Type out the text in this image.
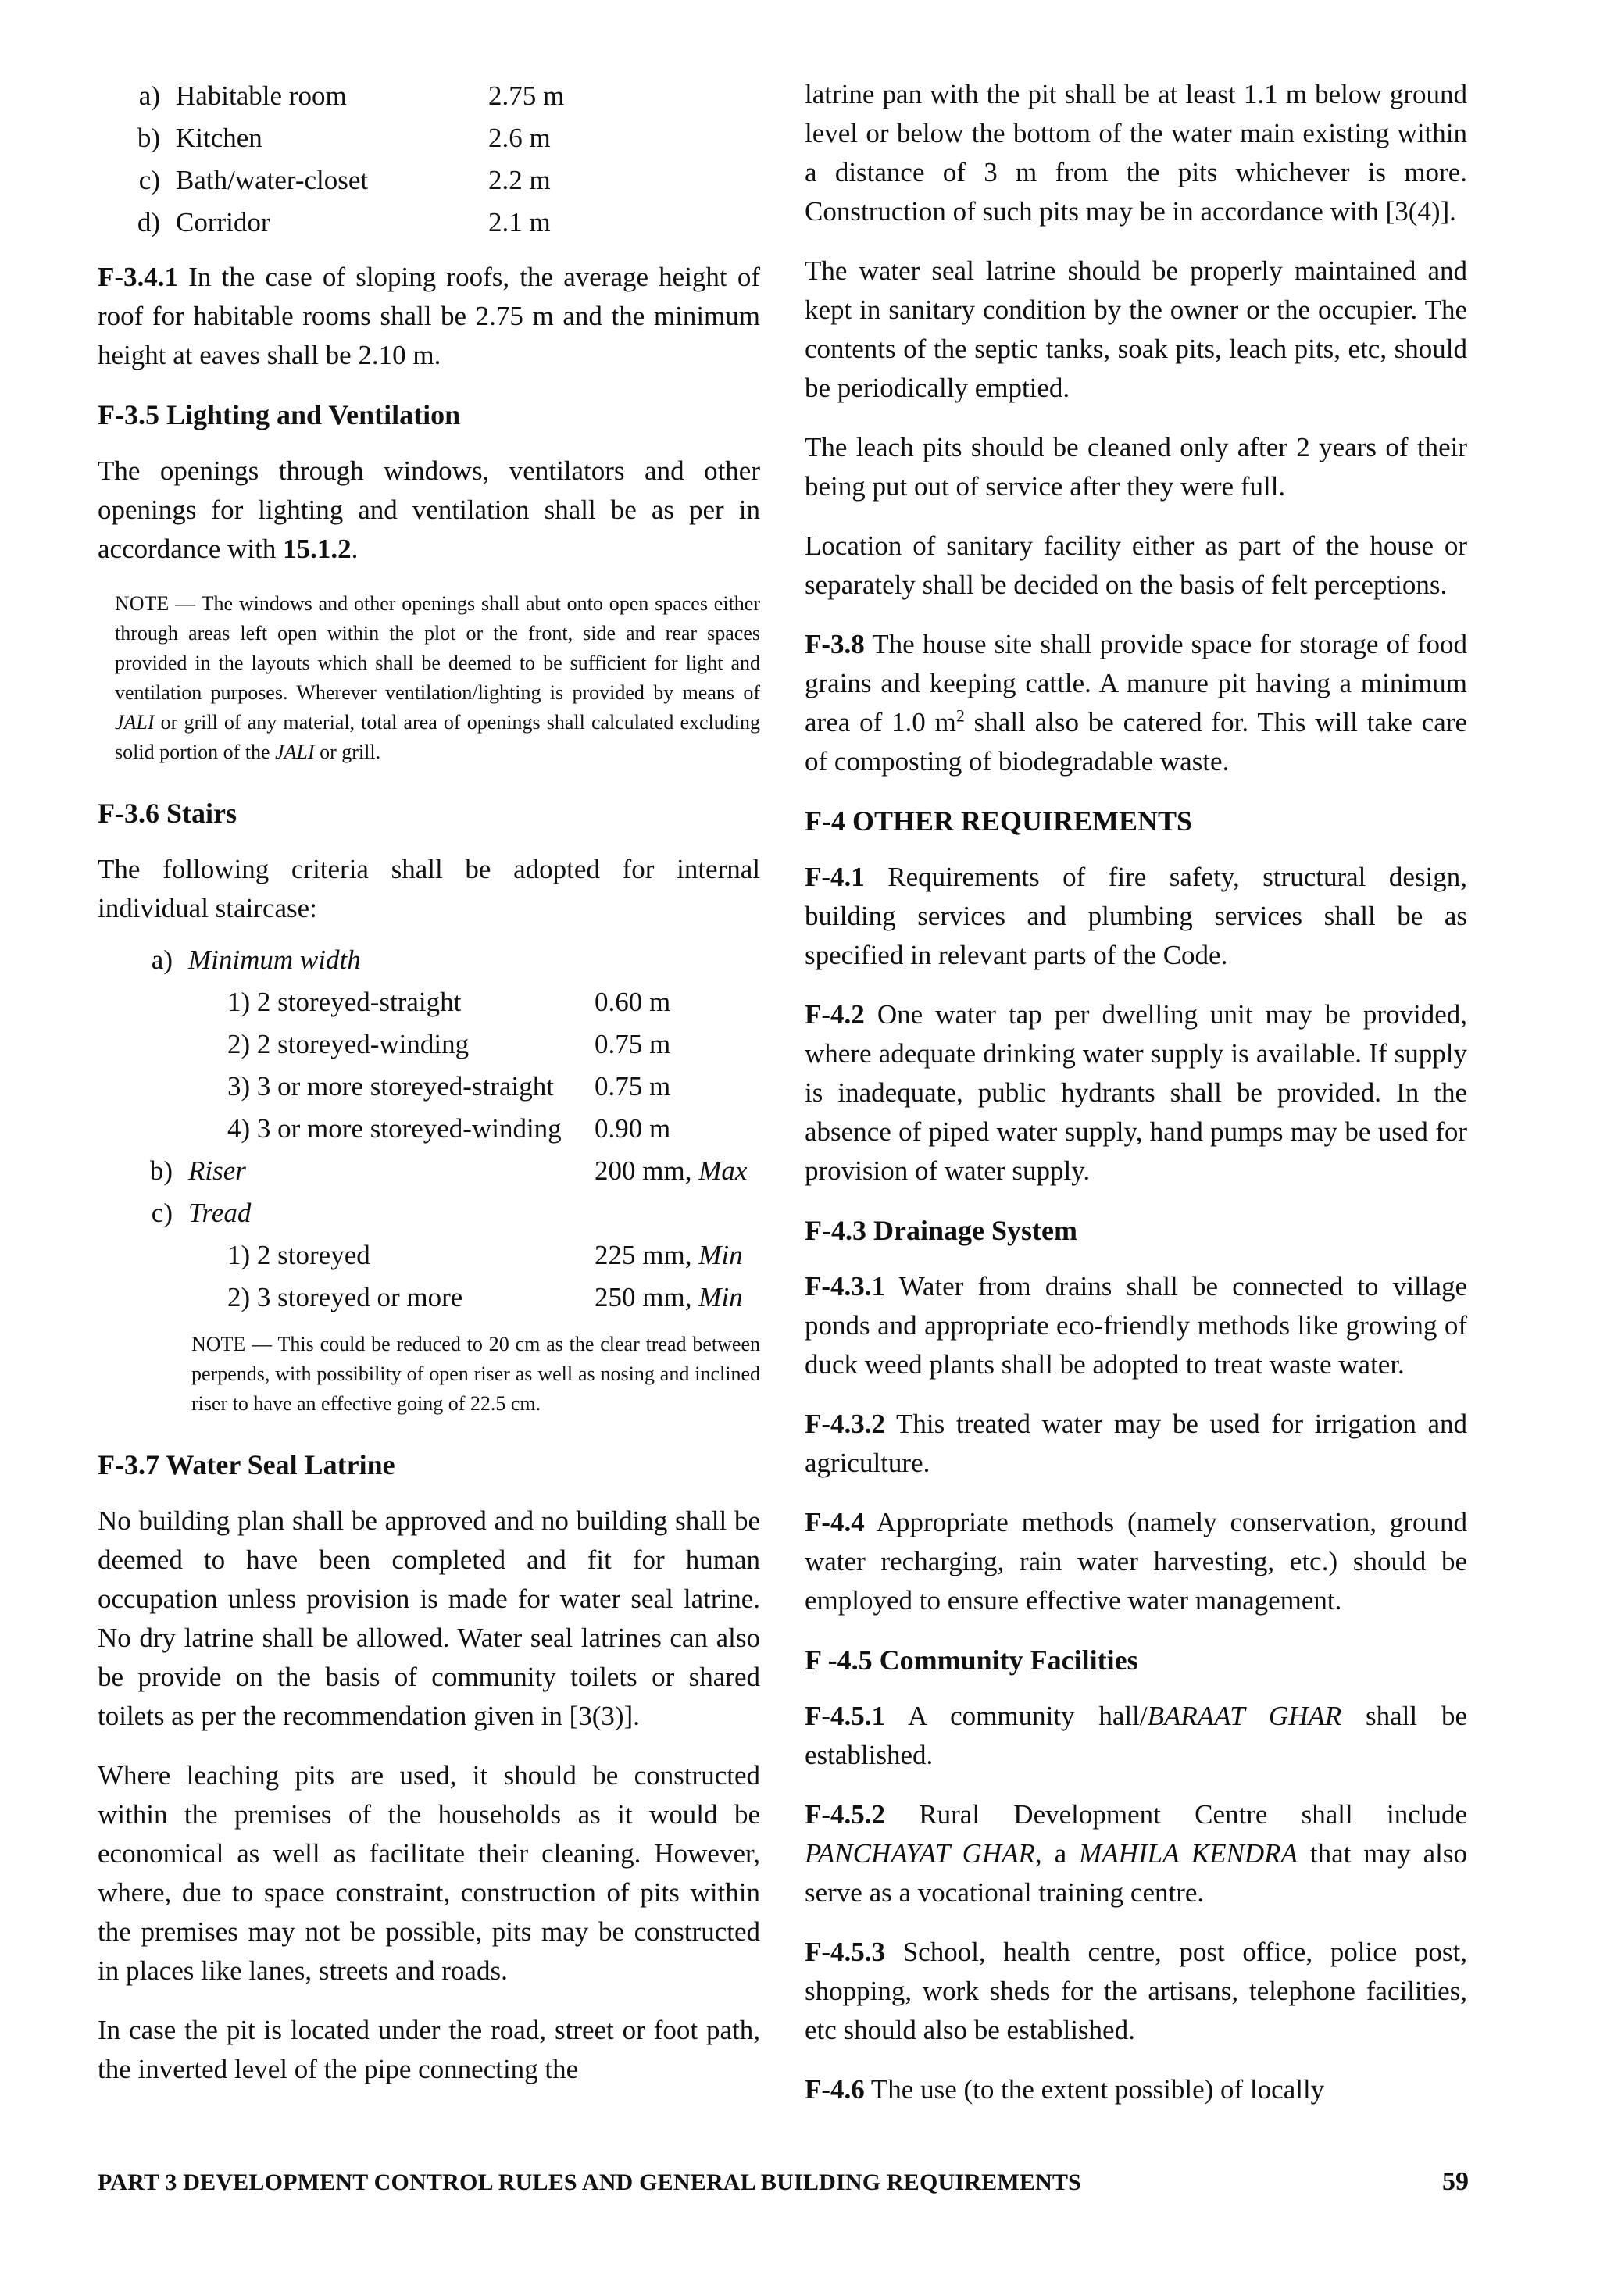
a) Habitable room	2.75 m
b) Kitchen	2.6 m
c) Bath/water-closet	2.2 m
d) Corridor	2.1 m

F-3.4.1 In the case of sloping roofs, the average height of roof for habitable rooms shall be 2.75 m and the minimum height at eaves shall be 2.10 m.

F-3.5 Lighting and Ventilation

The openings through windows, ventilators and other openings for lighting and ventilation shall be as per in accordance with 15.1.2.

NOTE — The windows and other openings shall abut onto open spaces either through areas left open within the plot or the front, side and rear spaces provided in the layouts which shall be deemed to be sufficient for light and ventilation purposes. Wherever ventilation/lighting is provided by means of JALI or grill of any material, total area of openings shall calculated excluding solid portion of the JALI or grill.

F-3.6 Stairs

The following criteria shall be adopted for internal individual staircase:

a) Minimum width
1) 2 storeyed-straight	0.60 m
2) 2 storeyed-winding	0.75 m
3) 3 or more storeyed-straight	0.75 m
4) 3 or more storeyed-winding	0.90 m
b) Riser	200 mm, Max
c) Tread
1) 2 storeyed	225 mm, Min
2) 3 storeyed or more	250 mm, Min

NOTE — This could be reduced to 20 cm as the clear tread between perpends, with possibility of open riser as well as nosing and inclined riser to have an effective going of 22.5 cm.

F-3.7 Water Seal Latrine

No building plan shall be approved and no building shall be deemed to have been completed and fit for human occupation unless provision is made for water seal latrine. No dry latrine shall be allowed. Water seal latrines can also be provide on the basis of community toilets or shared toilets as per the recommendation given in [3(3)].

Where leaching pits are used, it should be constructed within the premises of the households as it would be economical as well as facilitate their cleaning. However, where, due to space constraint, construction of pits within the premises may not be possible, pits may be constructed in places like lanes, streets and roads.

In case the pit is located under the road, street or foot path, the inverted level of the pipe connecting the

latrine pan with the pit shall be at least 1.1 m below ground level or below the bottom of the water main existing within a distance of 3 m from the pits whichever is more. Construction of such pits may be in accordance with [3(4)].

The water seal latrine should be properly maintained and kept in sanitary condition by the owner or the occupier. The contents of the septic tanks, soak pits, leach pits, etc, should be periodically emptied.

The leach pits should be cleaned only after 2 years of their being put out of service after they were full.

Location of sanitary facility either as part of the house or separately shall be decided on the basis of felt perceptions.

F-3.8 The house site shall provide space for storage of food grains and keeping cattle. A manure pit having a minimum area of 1.0 $m^2$ shall also be catered for. This will take care of composting of biodegradable waste.

F-4 OTHER REQUIREMENTS

F-4.1 Requirements of fire safety, structural design, building services and plumbing services shall be as specified in relevant parts of the Code.

F-4.2 One water tap per dwelling unit may be provided, where adequate drinking water supply is available. If supply is inadequate, public hydrants shall be provided. In the absence of piped water supply, hand pumps may be used for provision of water supply.

F-4.3 Drainage System

F-4.3.1 Water from drains shall be connected to village ponds and appropriate eco-friendly methods like growing of duck weed plants shall be adopted to treat waste water.

F-4.3.2 This treated water may be used for irrigation and agriculture.

F-4.4 Appropriate methods (namely conservation, ground water recharging, rain water harvesting, etc.) should be employed to ensure effective water management.

F -4.5 Community Facilities

F-4.5.1 A community hall/BARAAT GHAR shall be established.

F-4.5.2 Rural Development Centre shall include PANCHAYAT GHAR, a MAHILA KENDRA that may also serve as a vocational training centre.

F-4.5.3 School, health centre, post office, police post, shopping, work sheds for the artisans, telephone facilities, etc should also be established.

F-4.6 The use (to the extent possible) of locally

PART 3 DEVELOPMENT CONTROL RULES AND GENERAL BUILDING REQUIREMENTS	59
